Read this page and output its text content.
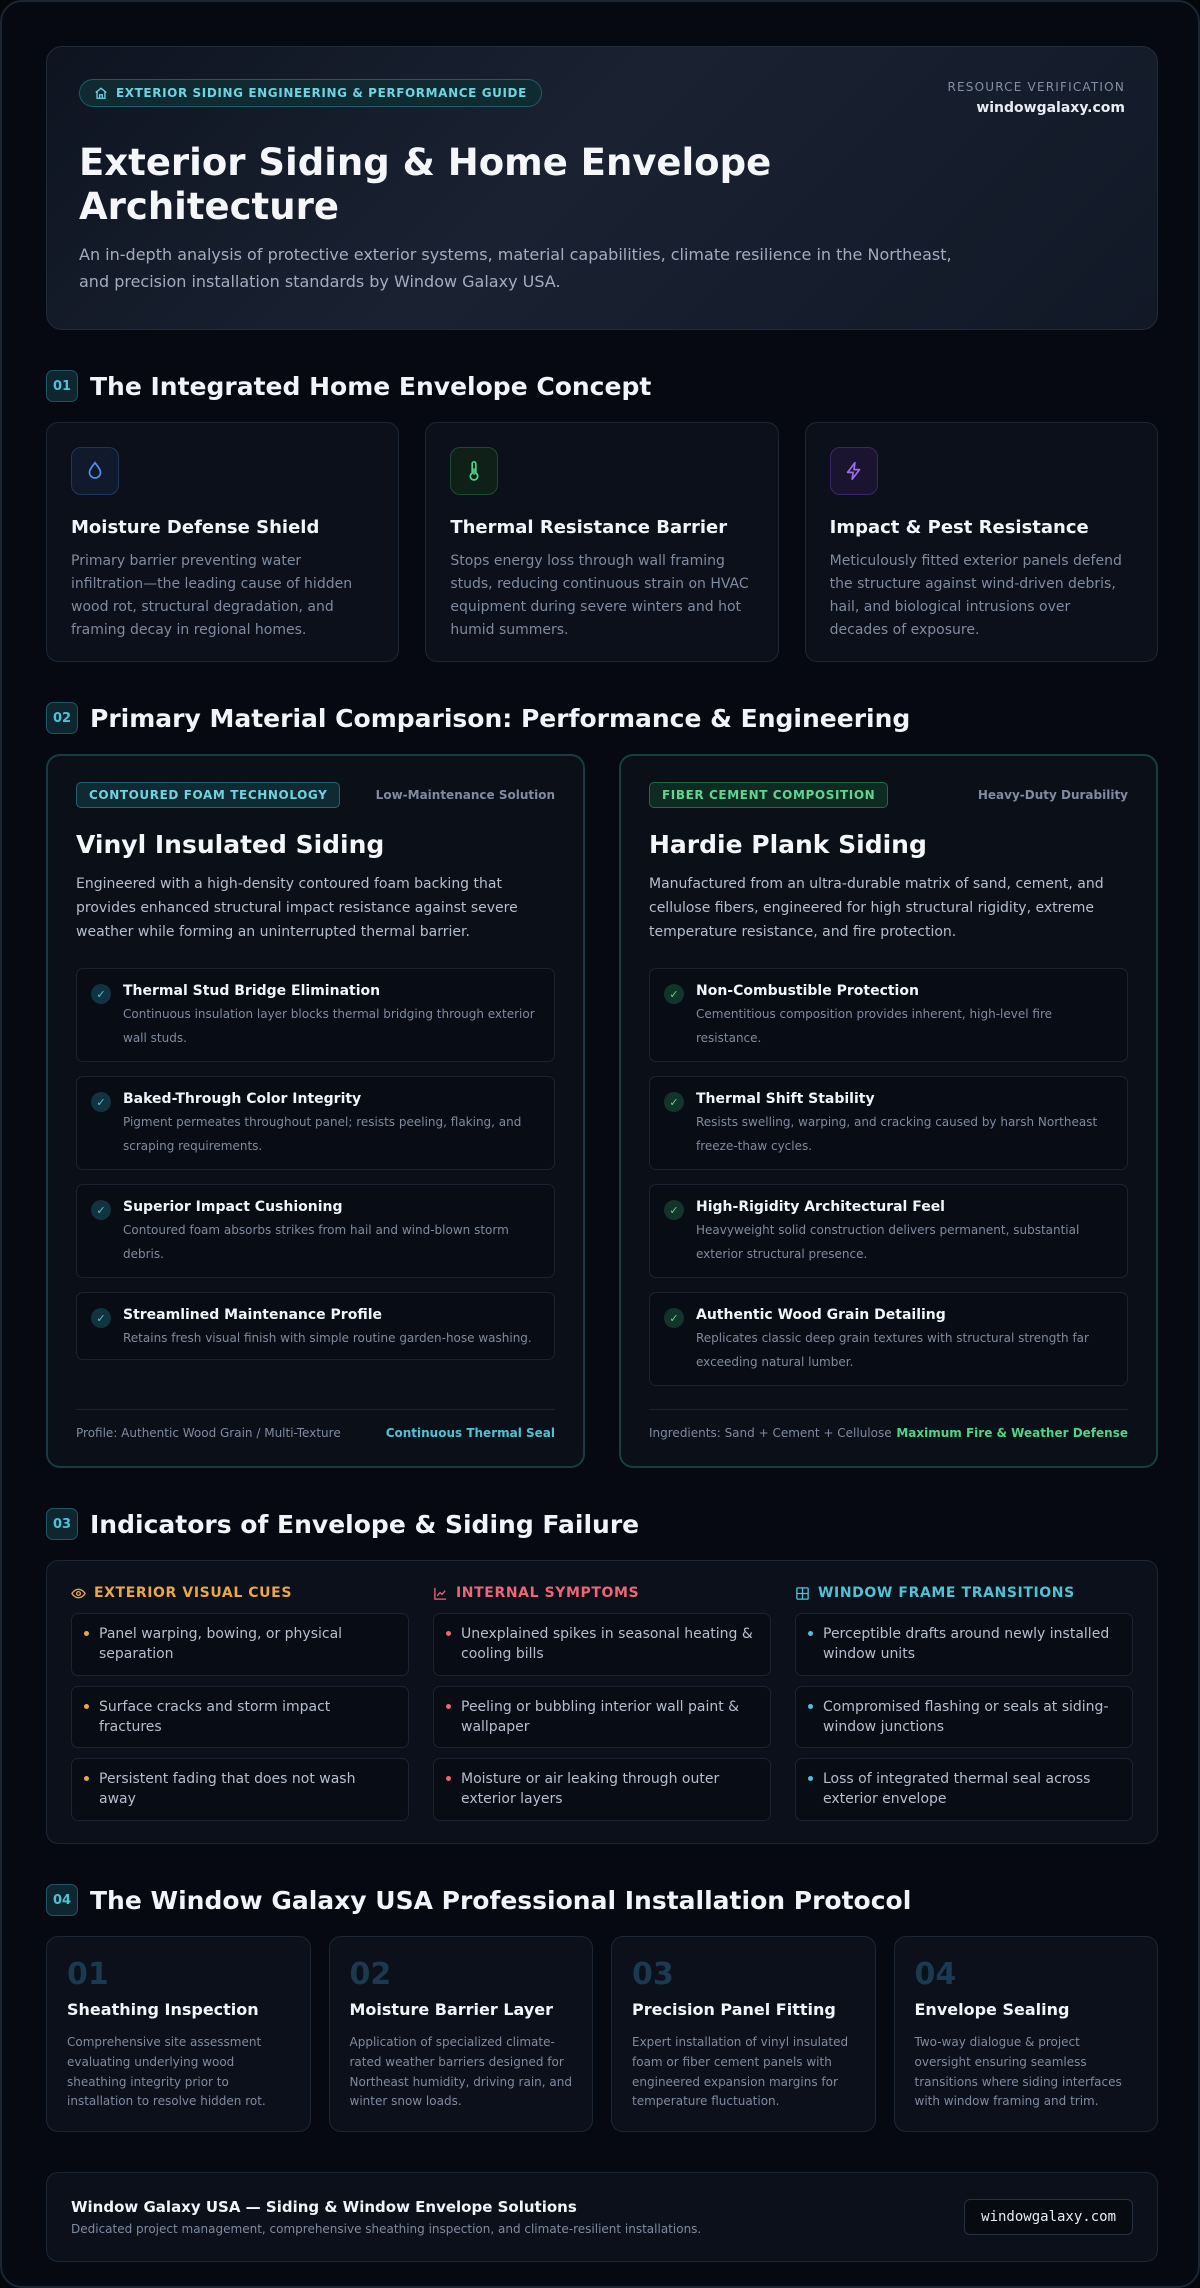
EXTERIOR SIDING ENGINEERING & PERFORMANCE GUIDE	RESOURCE VERIFICATION
windowgalaxy.com
Exterior Siding & Home Envelope Architecture

An in-depth analysis of protective exterior systems, material capabilities, climate resilience in the Northeast, and precision installation standards by Window Galaxy USA.

01 The Integrated Home Envelope Concept
Moisture Defense Shield
Primary barrier preventing water infiltration—the leading cause of hidden wood rot, structural degradation, and framing decay in regional homes.
Thermal Resistance Barrier
Stops energy loss through wall framing studs, reducing continuous strain on HVAC equipment during severe winters and hot humid summers.
Impact & Pest Resistance
Meticulously fitted exterior panels defend the structure against wind-driven debris, hail, and biological intrusions over decades of exposure.
02 Primary Material Comparison: Performance & Engineering
CONTOURED FOAM TECHNOLOGY	Low-Maintenance Solution
Vinyl Insulated Siding
Engineered with a high-density contoured foam backing that provides enhanced structural impact resistance against severe weather while forming an uninterrupted thermal barrier.
✓	Thermal Stud Bridge Elimination
Continuous insulation layer blocks thermal bridging through exterior wall studs.
✓	Baked-Through Color Integrity
Pigment permeates throughout panel; resists peeling, flaking, and scraping requirements.
✓	Superior Impact Cushioning
Contoured foam absorbs strikes from hail and wind-blown storm debris.
✓	Streamlined Maintenance Profile
Retains fresh visual finish with simple routine garden-hose washing.
Profile: Authentic Wood Grain / Multi-Texture	Continuous Thermal Seal
FIBER CEMENT COMPOSITION	Heavy-Duty Durability
Hardie Plank Siding
Manufactured from an ultra-durable matrix of sand, cement, and cellulose fibers, engineered for high structural rigidity, extreme temperature resistance, and fire protection.
✓	Non-Combustible Protection
Cementitious composition provides inherent, high-level fire resistance.
✓	Thermal Shift Stability
Resists swelling, warping, and cracking caused by harsh Northeast freeze-thaw cycles.
✓	High-Rigidity Architectural Feel
Heavyweight solid construction delivers permanent, substantial exterior structural presence.
✓	Authentic Wood Grain Detailing
Replicates classic deep grain textures with structural strength far exceeding natural lumber.
Ingredients: Sand + Cement + Cellulose Maximum Fire & Weather Defense
03 Indicators of Envelope & Siding Failure
EXTERIOR VISUAL CUES
Panel warping, bowing, or physical separation
Surface cracks and storm impact fractures
Persistent fading that does not wash away
INTERNAL SYMPTOMS
Unexplained spikes in seasonal heating & cooling bills
Peeling or bubbling interior wall paint & wallpaper
Moisture or air leaking through outer exterior layers
WINDOW FRAME TRANSITIONS
Perceptible drafts around newly installed window units
Compromised flashing or seals at siding-window junctions
Loss of integrated thermal seal across exterior envelope
04 The Window Galaxy USA Professional Installation Protocol
01
Sheathing Inspection
Comprehensive site assessment evaluating underlying wood sheathing integrity prior to installation to resolve hidden rot.
02
Moisture Barrier Layer
Application of specialized climate-rated weather barriers designed for Northeast humidity, driving rain, and winter snow loads.
03
Precision Panel Fitting
Expert installation of vinyl insulated foam or fiber cement panels with engineered expansion margins for temperature fluctuation.
04
Envelope Sealing
Two-way dialogue & project oversight ensuring seamless transitions where siding interfaces with window framing and trim.
Window Galaxy USA — Siding & Window Envelope Solutions
Dedicated project management, comprehensive sheathing inspection, and climate-resilient installations.
windowgalaxy.com
